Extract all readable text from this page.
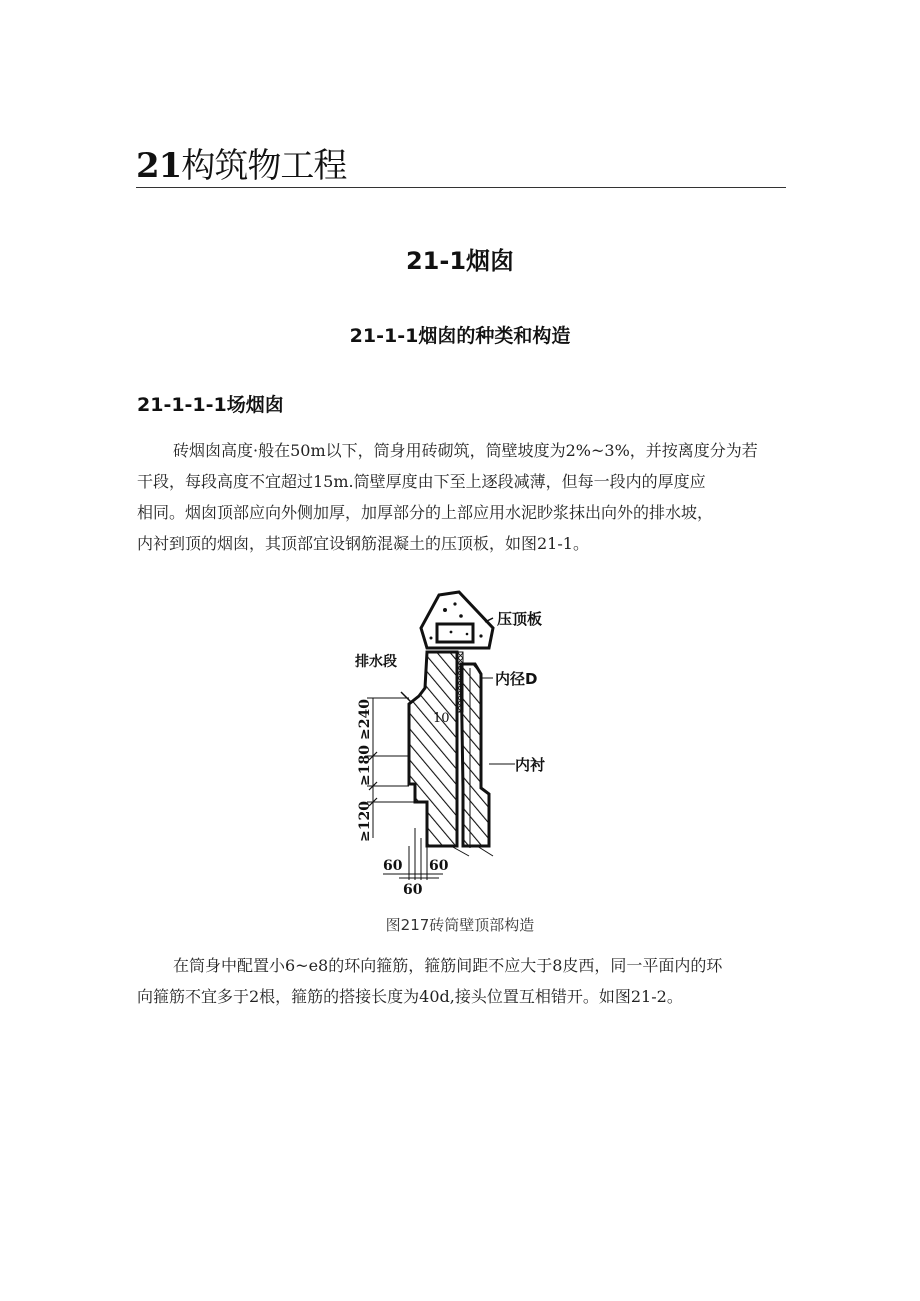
21构筑物工程
21-1烟囱
21-1-1烟囱的种类和构造
21-1-1-1场烟囱
砖烟囱高度·般在50m以下，筒身用砖砌筑，筒壁坡度为2%~3%，并按离度分为若
干段，每段高度不宜超过15m.筒壁厚度由下至上逐段减薄，但每一段内的厚度应
相同。烟囱顶部应向外侧加厚，加厚部分的上部应用水泥眇浆抹出向外的排水坡，
内衬到顶的烟囱，其顶部宜设钢筋混凝土的压顶板，如图21-1。
压顶板
排水段
内径D
内衬
10
≥240
≥180
≥120
60 60
60
图217砖筒壁顶部构造
在筒身中配置小6~e8的环向箍筋，箍筋间距不应大于8皮西，同一平面内的环
向箍筋不宜多于2根，箍筋的搭接长度为40d,接头位置互相错开。如图21-2。
